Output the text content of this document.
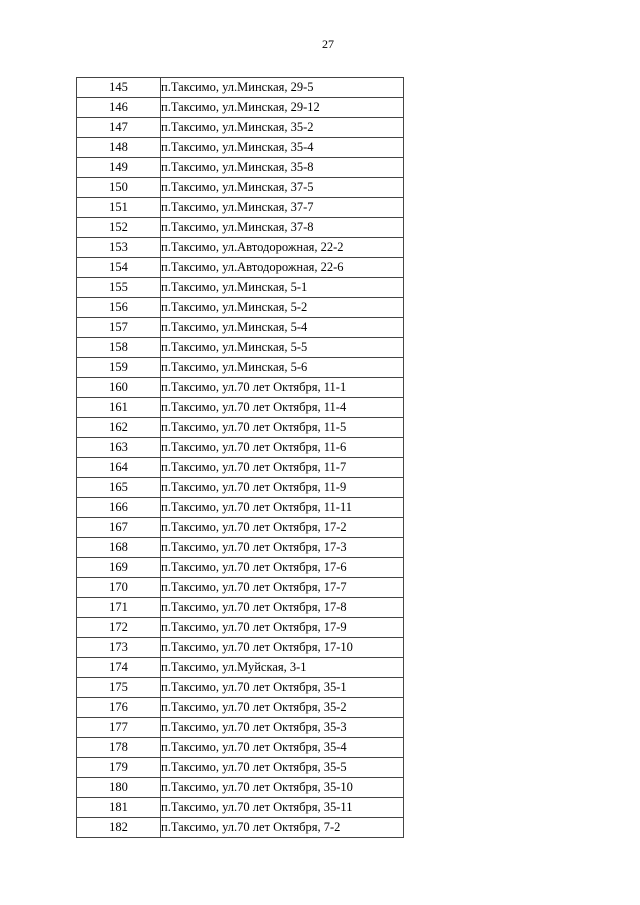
27
145	п.Таксимо, ул.Минская, 29-5
146	п.Таксимо, ул.Минская, 29-12
147	п.Таксимо, ул.Минская, 35-2
148	п.Таксимо, ул.Минская, 35-4
149	п.Таксимо, ул.Минская, 35-8
150	п.Таксимо, ул.Минская, 37-5
151	п.Таксимо, ул.Минская, 37-7
152	п.Таксимо, ул.Минская, 37-8
153	п.Таксимо, ул.Автодорожная, 22-2
154	п.Таксимо, ул.Автодорожная, 22-6
155	п.Таксимо, ул.Минская, 5-1
156	п.Таксимо, ул.Минская, 5-2
157	п.Таксимо, ул.Минская, 5-4
158	п.Таксимо, ул.Минская, 5-5
159	п.Таксимо, ул.Минская, 5-6
160	п.Таксимо, ул.70 лет Октября, 11-1
161	п.Таксимо, ул.70 лет Октября, 11-4
162	п.Таксимо, ул.70 лет Октября, 11-5
163	п.Таксимо, ул.70 лет Октября, 11-6
164	п.Таксимо, ул.70 лет Октября, 11-7
165	п.Таксимо, ул.70 лет Октября, 11-9
166	п.Таксимо, ул.70 лет Октября, 11-11
167	п.Таксимо, ул.70 лет Октября, 17-2
168	п.Таксимо, ул.70 лет Октября, 17-3
169	п.Таксимо, ул.70 лет Октября, 17-6
170	п.Таксимо, ул.70 лет Октября, 17-7
171	п.Таксимо, ул.70 лет Октября, 17-8
172	п.Таксимо, ул.70 лет Октября, 17-9
173	п.Таксимо, ул.70 лет Октября, 17-10
174	п.Таксимо, ул.Муйская, 3-1
175	п.Таксимо, ул.70 лет Октября, 35-1
176	п.Таксимо, ул.70 лет Октября, 35-2
177	п.Таксимо, ул.70 лет Октября, 35-3
178	п.Таксимо, ул.70 лет Октября, 35-4
179	п.Таксимо, ул.70 лет Октября, 35-5
180	п.Таксимо, ул.70 лет Октября, 35-10
181	п.Таксимо, ул.70 лет Октября, 35-11
182	п.Таксимо, ул.70 лет Октября, 7-2
